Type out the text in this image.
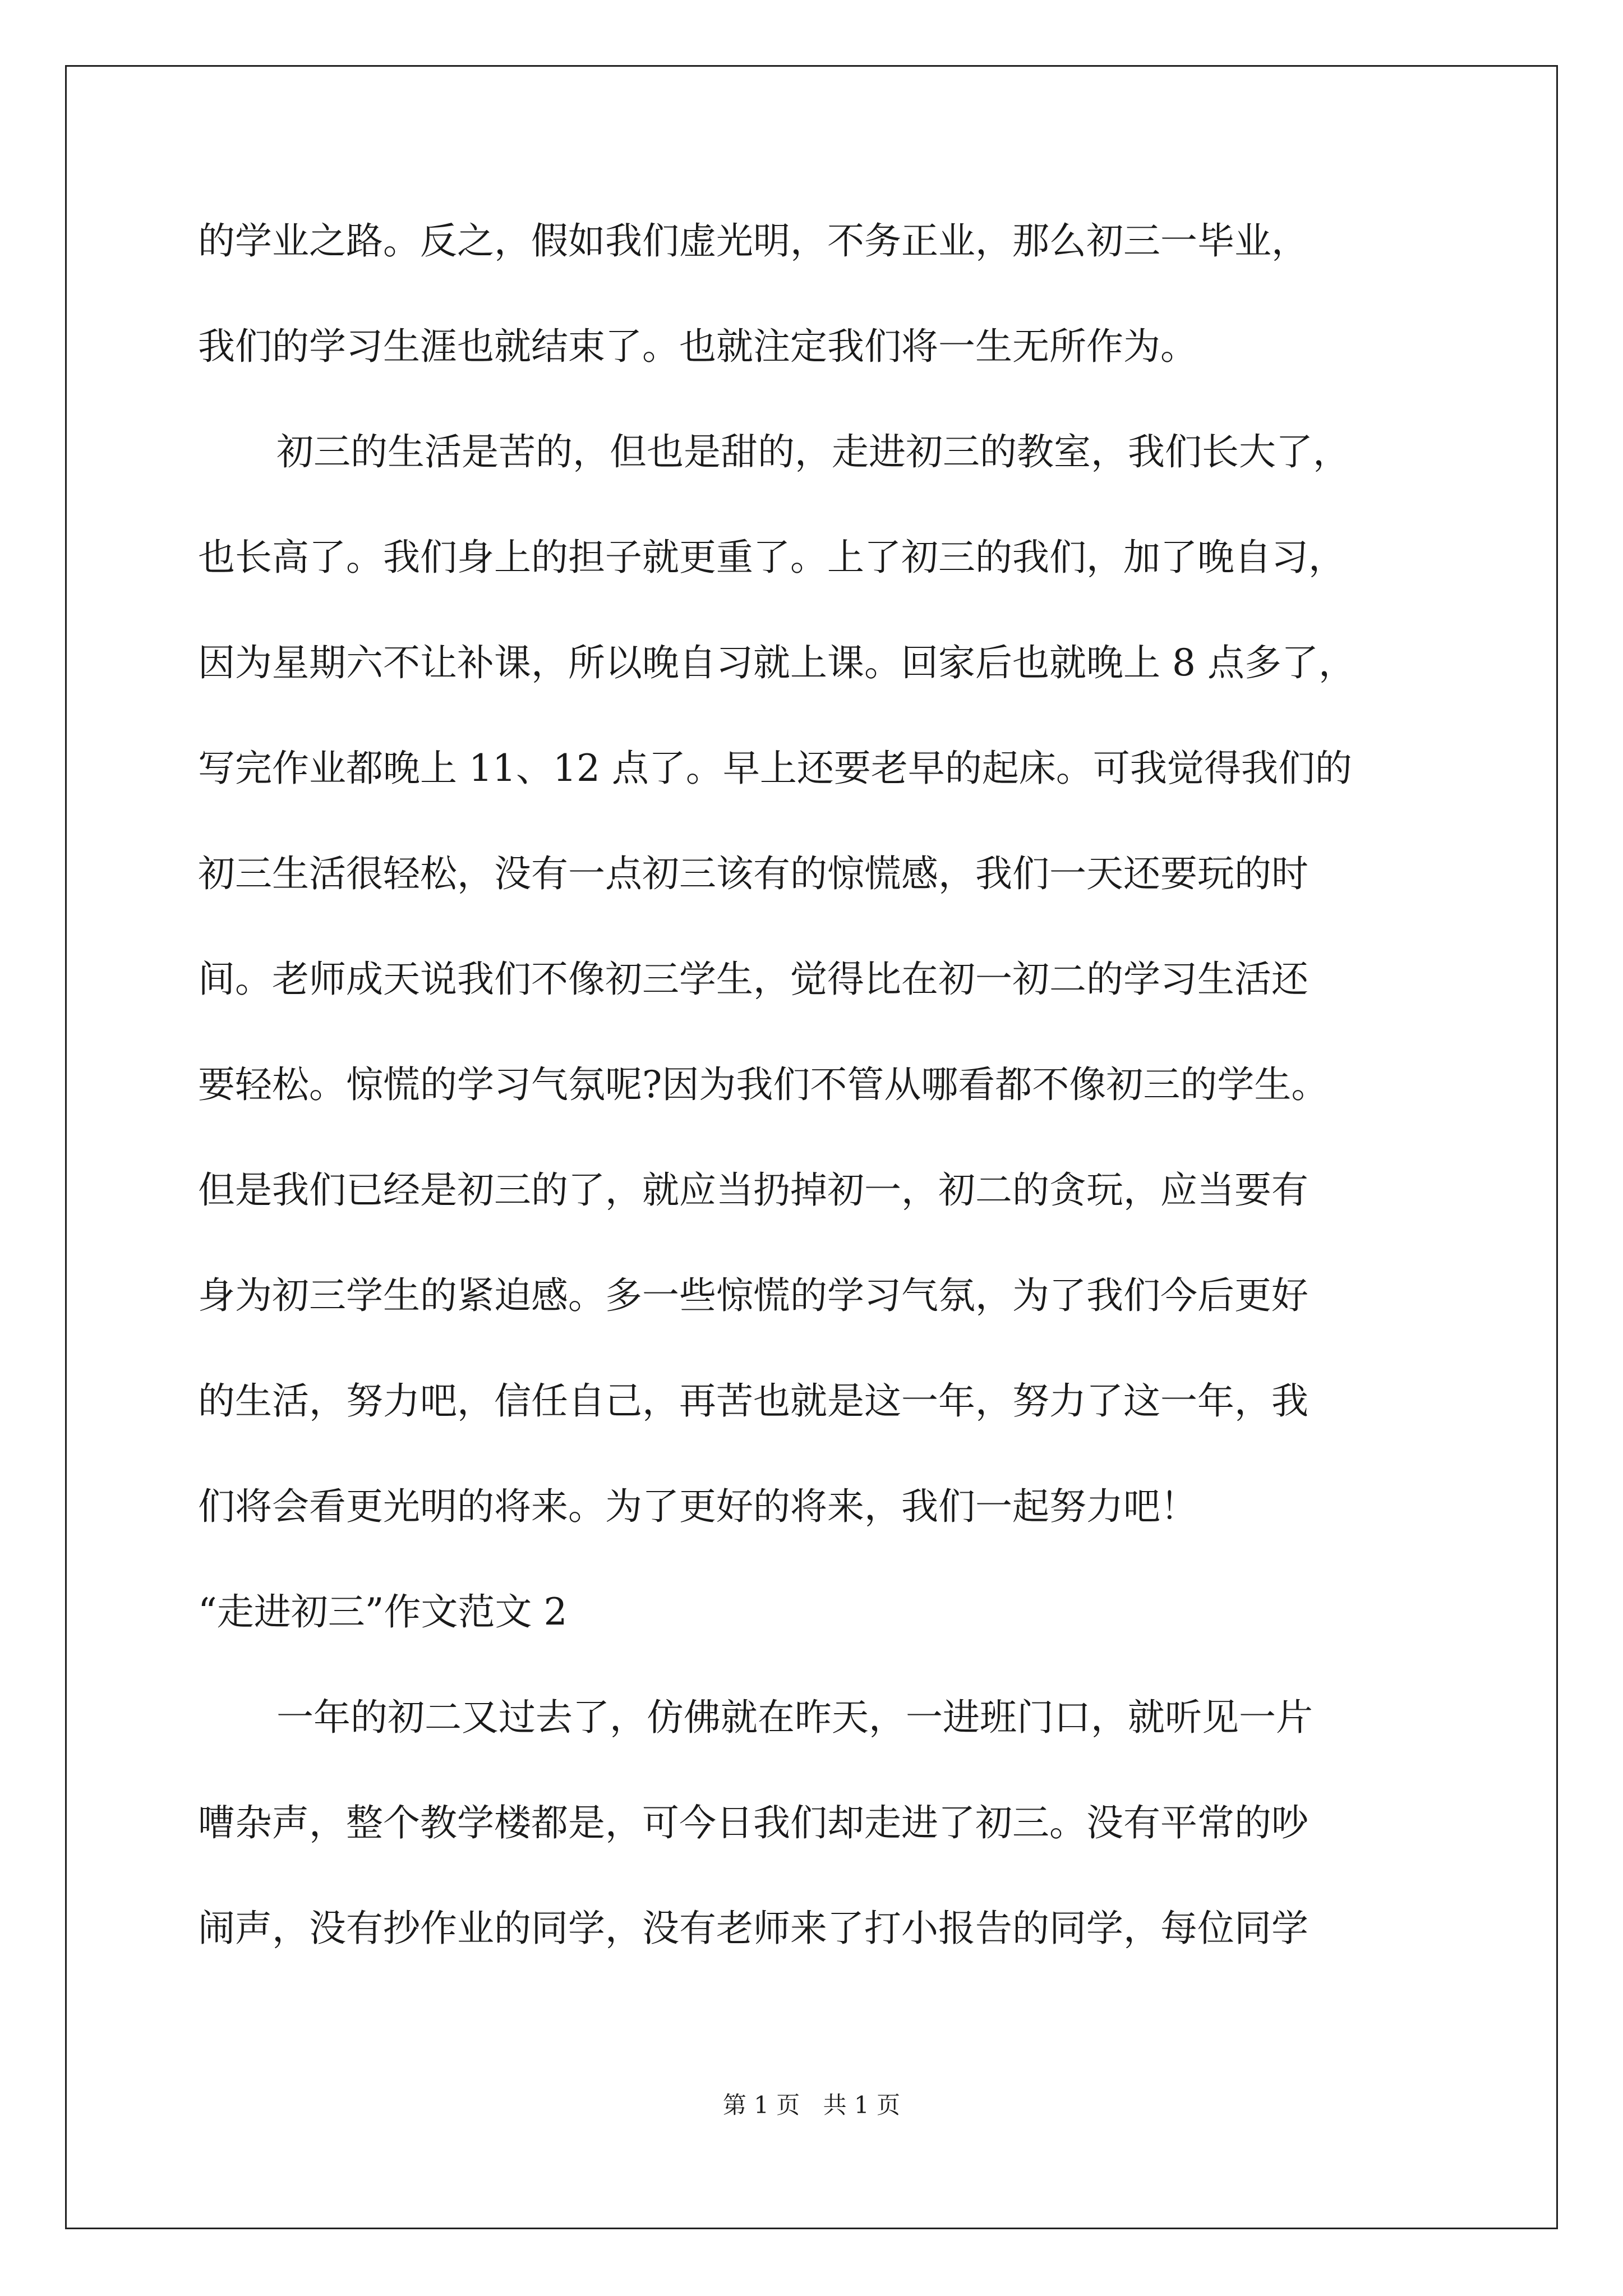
的学业之路。反之，假如我们虚光明，不务正业，那么初三一毕业，
我们的学习生涯也就结束了。也就注定我们将一生无所作为。
初三的生活是苦的，但也是甜的，走进初三的教室，我们长大了，
也长高了。我们身上的担子就更重了。上了初三的我们，加了晚自习，
因为星期六不让补课，所以晚自习就上课。回家后也就晚上 8 点多了，
写完作业都晚上 11、12 点了。早上还要老早的起床。可我觉得我们的
初三生活很轻松，没有一点初三该有的惊慌感，我们一天还要玩的时
间。老师成天说我们不像初三学生，觉得比在初一初二的学习生活还
要轻松。惊慌的学习气氛呢?因为我们不管从哪看都不像初三的学生。
但是我们已经是初三的了，就应当扔掉初一，初二的贪玩，应当要有
身为初三学生的紧迫感。多一些惊慌的学习气氛，为了我们今后更好
的生活，努力吧，信任自己，再苦也就是这一年，努力了这一年，我
们将会看更光明的将来。为了更好的将来，我们一起努力吧！
“走进初三”作文范文 2
一年的初二又过去了，仿佛就在昨天，一进班门口，就听见一片
嘈杂声，整个教学楼都是，可今日我们却走进了初三。没有平常的吵
闹声，没有抄作业的同学，没有老师来了打小报告的同学，每位同学
第 1 页 共 1 页
